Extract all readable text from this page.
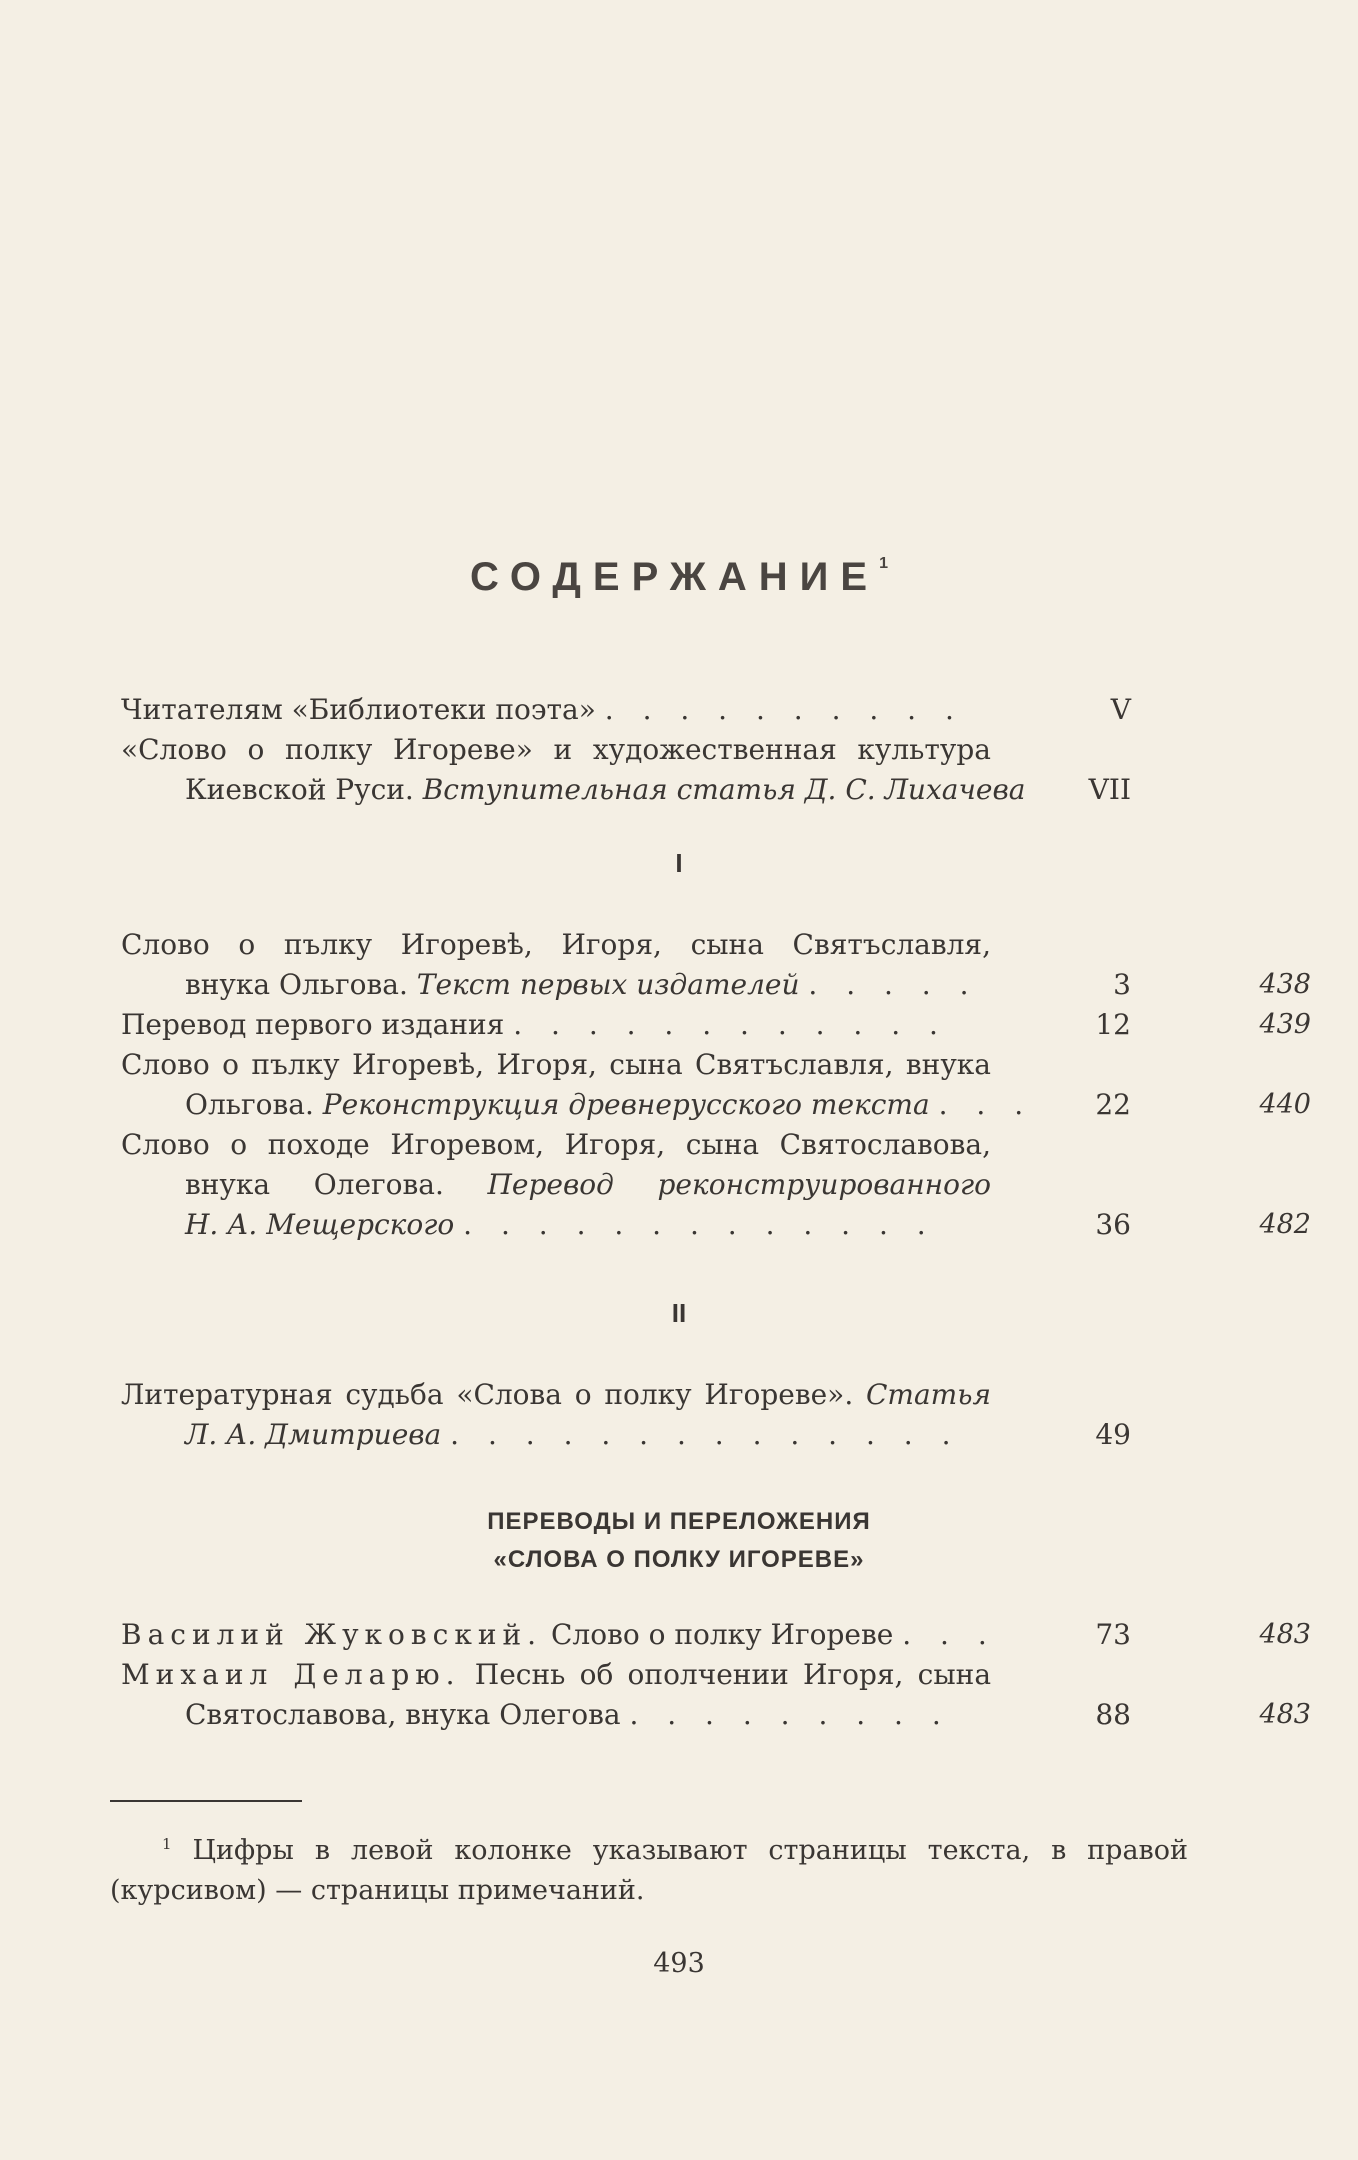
СОДЕРЖАНИЕ$^1$
Читателям «Библиотеки поэта» . . . . . . . . . .	V
«Слово о полку Игореве» и художественная культура
Киевской Руси. Вступительная статья Д. С. Лихачева	VII
I
Слово о пълку Игоревѣ, Игоря, сына Святъславля,
внука Ольгова. Текст первых издателей . . . . .	3	438
Перевод первого издания . . . . . . . . . . . .	12	439
Слово о пълку Игоревѣ, Игоря, сына Святъславля, внука
Ольгова. Реконструкция древнерусского текста . . .	22	440
Слово о походе Игоревом, Игоря, сына Святославова,
внука Олегова. Перевод реконструированного
Н. А. Мещерского . . . . . . . . . . . . .	36	482
II
Литературная судьба «Слова о полку Игореве». Статья
Л. А. Дмитриева . . . . . . . . . . . . . .	49
ПЕРЕВОДЫ И ПЕРЕЛОЖЕНИЯ
«СЛОВА О ПОЛКУ ИГОРЕВЕ»
Василий Жуковский. Слово о полку Игореве . . .	73	483
Михаил Деларю. Песнь об ополчении Игоря, сына
Святославова, внука Олегова . . . . . . . . .	88	483
$^1$ Цифры в левой колонке указывают страницы текста, в правой
(курсивом) — страницы примечаний.
493
